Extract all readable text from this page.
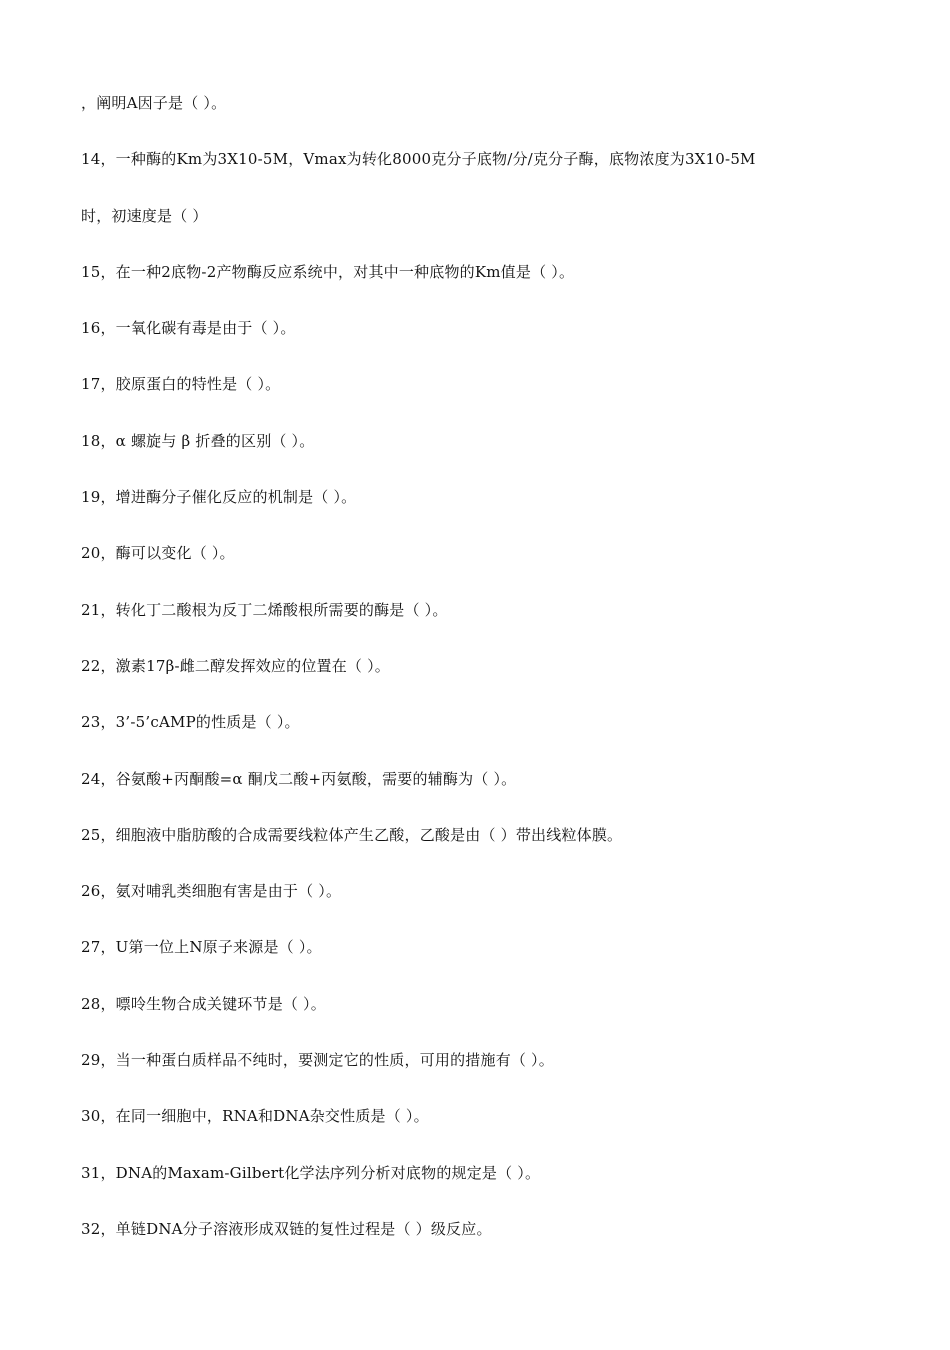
，阐明A因子是（ ）。
14，一种酶的Km为3X10-5M，Vmax为转化8000克分子底物/分/克分子酶，底物浓度为3X10-5M
时，初速度是（ ）
15，在一种2底物-2产物酶反应系统中，对其中一种底物的Km值是（ ）。
16，一氧化碳有毒是由于（ ）。
17，胶原蛋白的特性是（ ）。
18，α 螺旋与 β 折叠的区别（ ）。
19，增进酶分子催化反应的机制是（ ）。
20，酶可以变化（ ）。
21，转化丁二酸根为反丁二烯酸根所需要的酶是（ ）。
22，激素17β-雌二醇发挥效应的位置在（ ）。
23，3’-5’cAMP的性质是（ ）。
24，谷氨酸+丙酮酸=α 酮戊二酸+丙氨酸，需要的辅酶为（ ）。
25，细胞液中脂肪酸的合成需要线粒体产生乙酸，乙酸是由（ ）带出线粒体膜。
26，氨对哺乳类细胞有害是由于（ ）。
27，U第一位上N原子来源是（ ）。
28，嘌呤生物合成关键环节是（ ）。
29，当一种蛋白质样品不纯时，要测定它的性质，可用的措施有（ ）。
30，在同一细胞中，RNA和DNA杂交性质是（ ）。
31，DNA的Maxam-Gilbert化学法序列分析对底物的规定是（ ）。
32，单链DNA分子溶液形成双链的复性过程是（ ）级反应。
